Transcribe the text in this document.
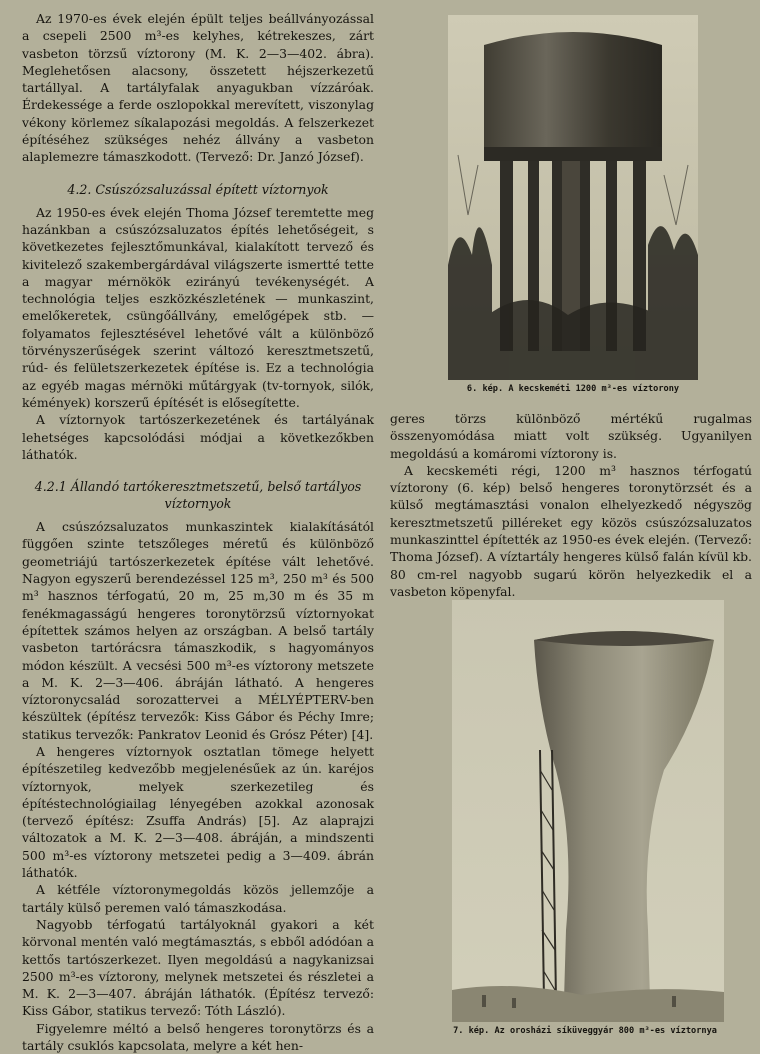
Az 1970-es évek elején épült teljes beállványozással a csepeli 2500 m³-es kelyhes, kétrekeszes, zárt vasbeton törzsű víztorony (M. K. 2—3—402. ábra). Meglehetősen alacsony, összetett héjszerkezetű tartállyal. A tartályfalak anyagukban vízzáróak. Érdekessége a ferde oszlopokkal merevített, viszonylag vékony körlemez síkalapozási megoldás. A felszerkezet építéséhez szükséges nehéz állvány a vasbeton alaplemezre támaszkodott. (Tervező: Dr. Janzó József).

4.2. Csúszózsaluzással épített víztornyok

Az 1950-es évek elején Thoma József teremtette meg hazánkban a csúszózsaluzatos építés lehetőségeit, s következetes fejlesztőmunkával, kialakított tervező és kivitelező szakembergárdával világszerte ismertté tette a magyar mérnökök ezirányú tevékenységét. A technológia teljes eszközkészletének — munkaszint, emelőkeretek, csüngőállvány, emelőgépek stb. — folyamatos fejlesztésével lehetővé vált a különböző törvényszerűségek szerint változó keresztmetszetű, rúd- és felületszerkezetek építése is. Ez a technológia az egyéb magas mérnöki műtárgyak (tv-tornyok, silók, kémények) korszerű építését is elősegítette.

A víztornyok tartószerkezetének és tartályának lehetséges kapcsolódási módjai a következőkben láthatók.

4.2.1 Állandó tartókeresztmetszetű, belső tartályos víztornyok

A csúszózsaluzatos munkaszintek kialakításától függően szinte tetszőleges méretű és különböző geometriájú tartószerkezetek építése vált lehetővé. Nagyon egyszerű berendezéssel 125 m³, 250 m³ és 500 m³ hasznos térfogatú, 20 m, 25 m,30 m és 35 m fenékmagasságú hengeres toronytörzsű víztornyokat építettek számos helyen az országban. A belső tartály vasbeton tartórácsra támaszkodik, s hagyományos módon készült. A vecsési 500 m³-es víztorony metszete a M. K. 2—3—406. ábráján látható. A hengeres víztoronycsalád sorozattervei a MÉLYÉPTERV-ben készültek (építész tervezők: Kiss Gábor és Péchy Imre; statikus tervezők: Pankratov Leonid és Grósz Péter) [4].

A hengeres víztornyok osztatlan tömege helyett építészetileg kedvezőbb megjelenésűek az ún. karéjos víztornyok, melyek szerkezetileg és építéstechnológiailag lényegében azokkal azonosak (tervező építész: Zsuffa András) [5]. Az alaprajzi változatok a M. K. 2—3—408. ábráján, a mindszenti 500 m³-es víztorony metszetei pedig a 3—409. ábrán láthatók.

A kétféle víztoronymegoldás közös jellemzője a tartály külső peremen való támaszkodása.

Nagyobb térfogatú tartályoknál gyakori a két körvonal mentén való megtámasztás, s ebből adódóan a kettős tartószerkezet. Ilyen megoldású a nagykanizsai 2500 m³-es víztorony, melynek metszetei és részletei a M. K. 2—3—407. ábráján láthatók. (Építész tervező: Kiss Gábor, statikus tervező: Tóth László).

Figyelemre méltó a belső hengeres toronytörzs és a tartály csuklós kapcsolata, melyre a két hen-

6. kép. A kecskeméti 1200 m³-es víztorony

geres törzs különböző mértékű rugalmas összenyomódása miatt volt szükség. Ugyanilyen megoldású a komáromi víztorony is.

A kecskeméti régi, 1200 m³ hasznos térfogatú víztorony (6. kép) belső hengeres toronytörzsét és a külső megtámasztási vonalon elhelyezkedő négyszög keresztmetszetű pilléreket egy közös csúszózsaluzatos munkaszinttel építették az 1950-es évek elején. (Tervező: Thoma József). A víztartály hengeres külső falán kívül kb. 80 cm-rel nagyobb sugarú körön helyezkedik el a vasbeton köpenyfal.

7. kép. Az orosházi síküveggyár 800 m³-es víztornya
